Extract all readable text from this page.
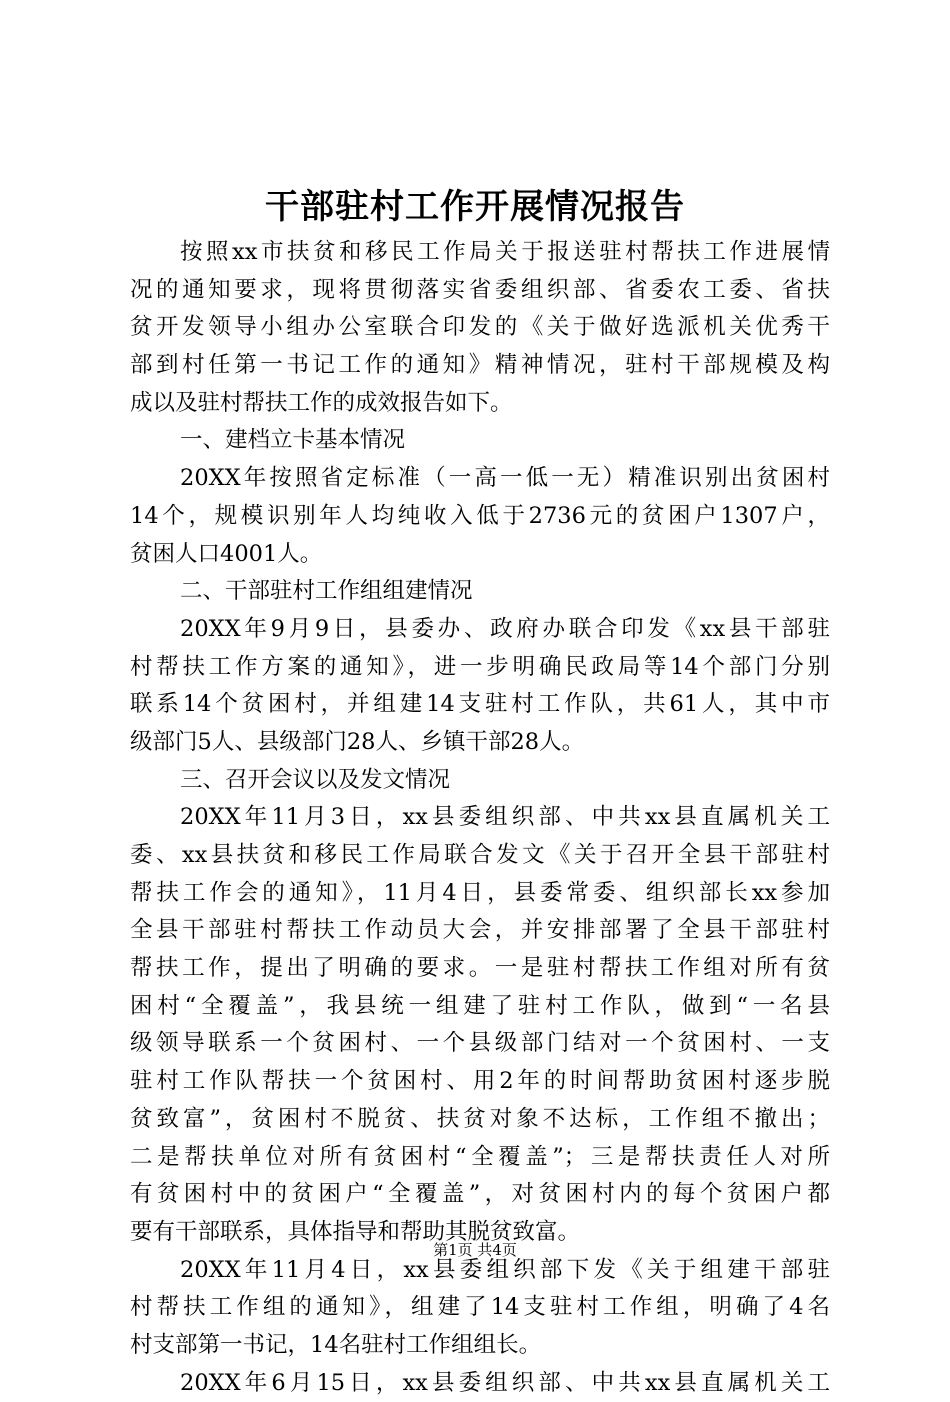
干部驻村工作开展情况报告
按照xx市扶贫和移民工作局关于报送驻村帮扶工作进展情
况的通知要求，现将贯彻落实省委组织部、省委农工委、省扶
贫开发领导小组办公室联合印发的《关于做好选派机关优秀干
部到村任第一书记工作的通知》精神情况，驻村干部规模及构
成以及驻村帮扶工作的成效报告如下。
一、建档立卡基本情况
20XX年按照省定标准（一高一低一无）精准识别出贫困村
14个，规模识别年人均纯收入低于2736元的贫困户1307户，
贫困人口4001人。
二、干部驻村工作组组建情况
20XX年9月9日，县委办、政府办联合印发《xx县干部驻
村帮扶工作方案的通知》，进一步明确民政局等14个部门分别
联系14个贫困村，并组建14支驻村工作队，共61人，其中市
级部门5人、县级部门28人、乡镇干部28人。
三、召开会议以及发文情况
20XX年11月3日，xx县委组织部、中共xx县直属机关工
委、xx县扶贫和移民工作局联合发文《关于召开全县干部驻村
帮扶工作会的通知》，11月4日，县委常委、组织部长xx参加
全县干部驻村帮扶工作动员大会，并安排部署了全县干部驻村
帮扶工作，提出了明确的要求。一是驻村帮扶工作组对所有贫
困村“全覆盖”，我县统一组建了驻村工作队，做到“一名县
级领导联系一个贫困村、一个县级部门结对一个贫困村、一支
驻村工作队帮扶一个贫困村、用2年的时间帮助贫困村逐步脱
贫致富”，贫困村不脱贫、扶贫对象不达标，工作组不撤出；
二是帮扶单位对所有贫困村“全覆盖”；三是帮扶责任人对所
有贫困村中的贫困户“全覆盖”，对贫困村内的每个贫困户都
要有干部联系，具体指导和帮助其脱贫致富。
20XX年11月4日，xx县委组织部下发《关于组建干部驻
村帮扶工作组的通知》，组建了14支驻村工作组，明确了4名
村支部第一书记，14名驻村工作组组长。
20XX年6月15日，xx县委组织部、中共xx县直属机关工
第1页 共4页
